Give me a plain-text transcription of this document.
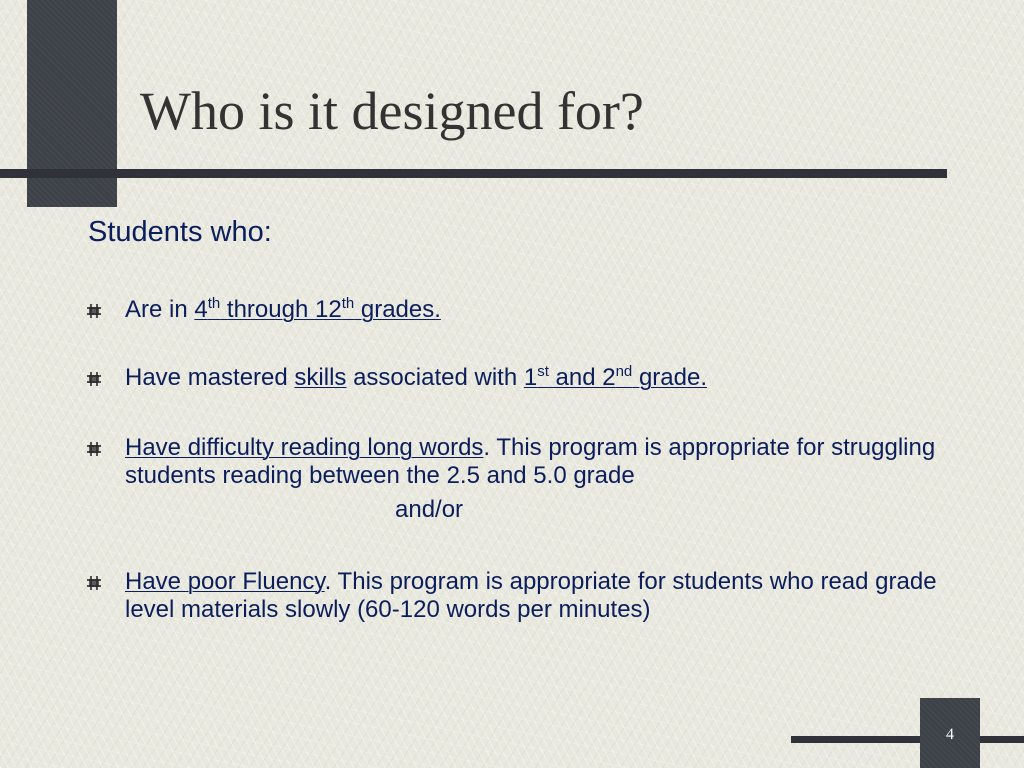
Who is it designed for?
Students who:
Are in 4th through 12th grades.
Have mastered skills associated with 1st and 2nd grade.
Have difficulty reading long words. This program is appropriate for struggling students reading between the 2.5 and 5.0 grade
and/or
Have poor Fluency. This program is appropriate for students who read grade level materials slowly (60-120 words per minutes)
4
